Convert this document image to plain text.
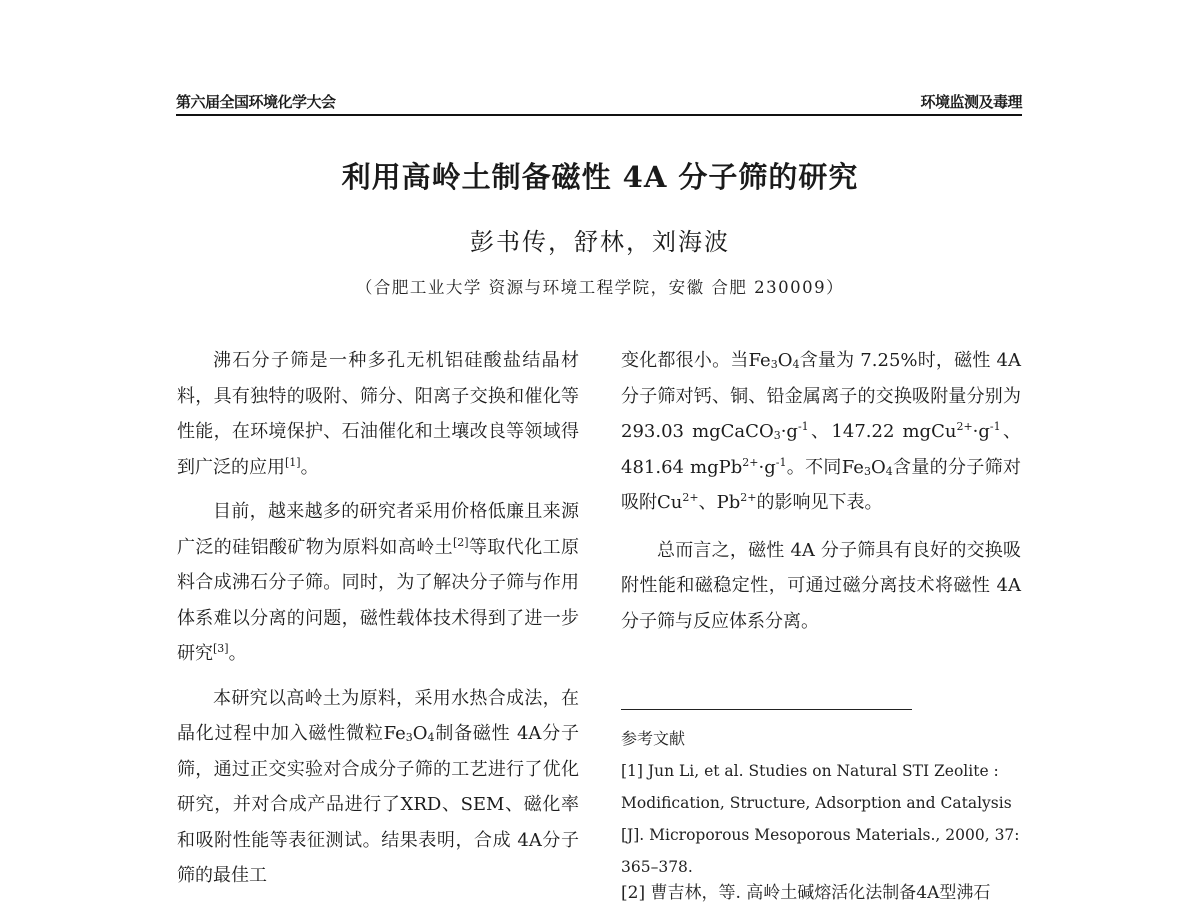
第六届全国环境化学大会	环境监测及毒理
利用高岭土制备磁性 4A 分子筛的研究
彭书传，舒林，刘海波
（合肥工业大学 资源与环境工程学院，安徽 合肥 230009）

沸石分子筛是一种多孔无机铝硅酸盐结晶材料，具有独特的吸附、筛分、阳离子交换和催化等性能，在环境保护、石油催化和土壤改良等领域得到广泛的应用[1]。

目前，越来越多的研究者采用价格低廉且来源广泛的硅铝酸矿物为原料如高岭土[2]等取代化工原料合成沸石分子筛。同时，为了解决分子筛与作用体系难以分离的问题，磁性载体技术得到了进一步研究[3]。

本研究以高岭土为原料，采用水热合成法，在晶化过程中加入磁性微粒$Fe_3O_4$制备磁性 4A分子筛，通过正交实验对合成分子筛的工艺进行了优化研究，并对合成产品进行了XRD、SEM、磁化率和吸附性能等表征测试。结果表明，合成 4A分子筛的最佳工

变化都很小。当$Fe_3O_4$含量为 7.25%时，磁性 4A分子筛对钙、铜、铅金属离子的交换吸附量分别为 293.03 $mgCaCO_3\cdot g^{-1}$、147.22 $mgCu^{2+}\cdot g^{-1}$、481.64 $mgPb^{2+}\cdot g^{-1}$。不同$Fe_3O_4$含量的分子筛对吸附$Cu^{2+}$、$Pb^{2+}$的影响见下表。

总而言之，磁性 4A 分子筛具有良好的交换吸附性能和磁稳定性，可通过磁分离技术将磁性 4A 分子筛与反应体系分离。

参考文献

[1] Jun Li, et al. Studies on Natural STI Zeolite : Modification, Structure, Adsorption and Catalysis [J]. Microporous Mesoporous Materials., 2000, 37: 365–378.

[2] 曹吉林，等. 高岭土碱熔活化法制备4A型沸石
